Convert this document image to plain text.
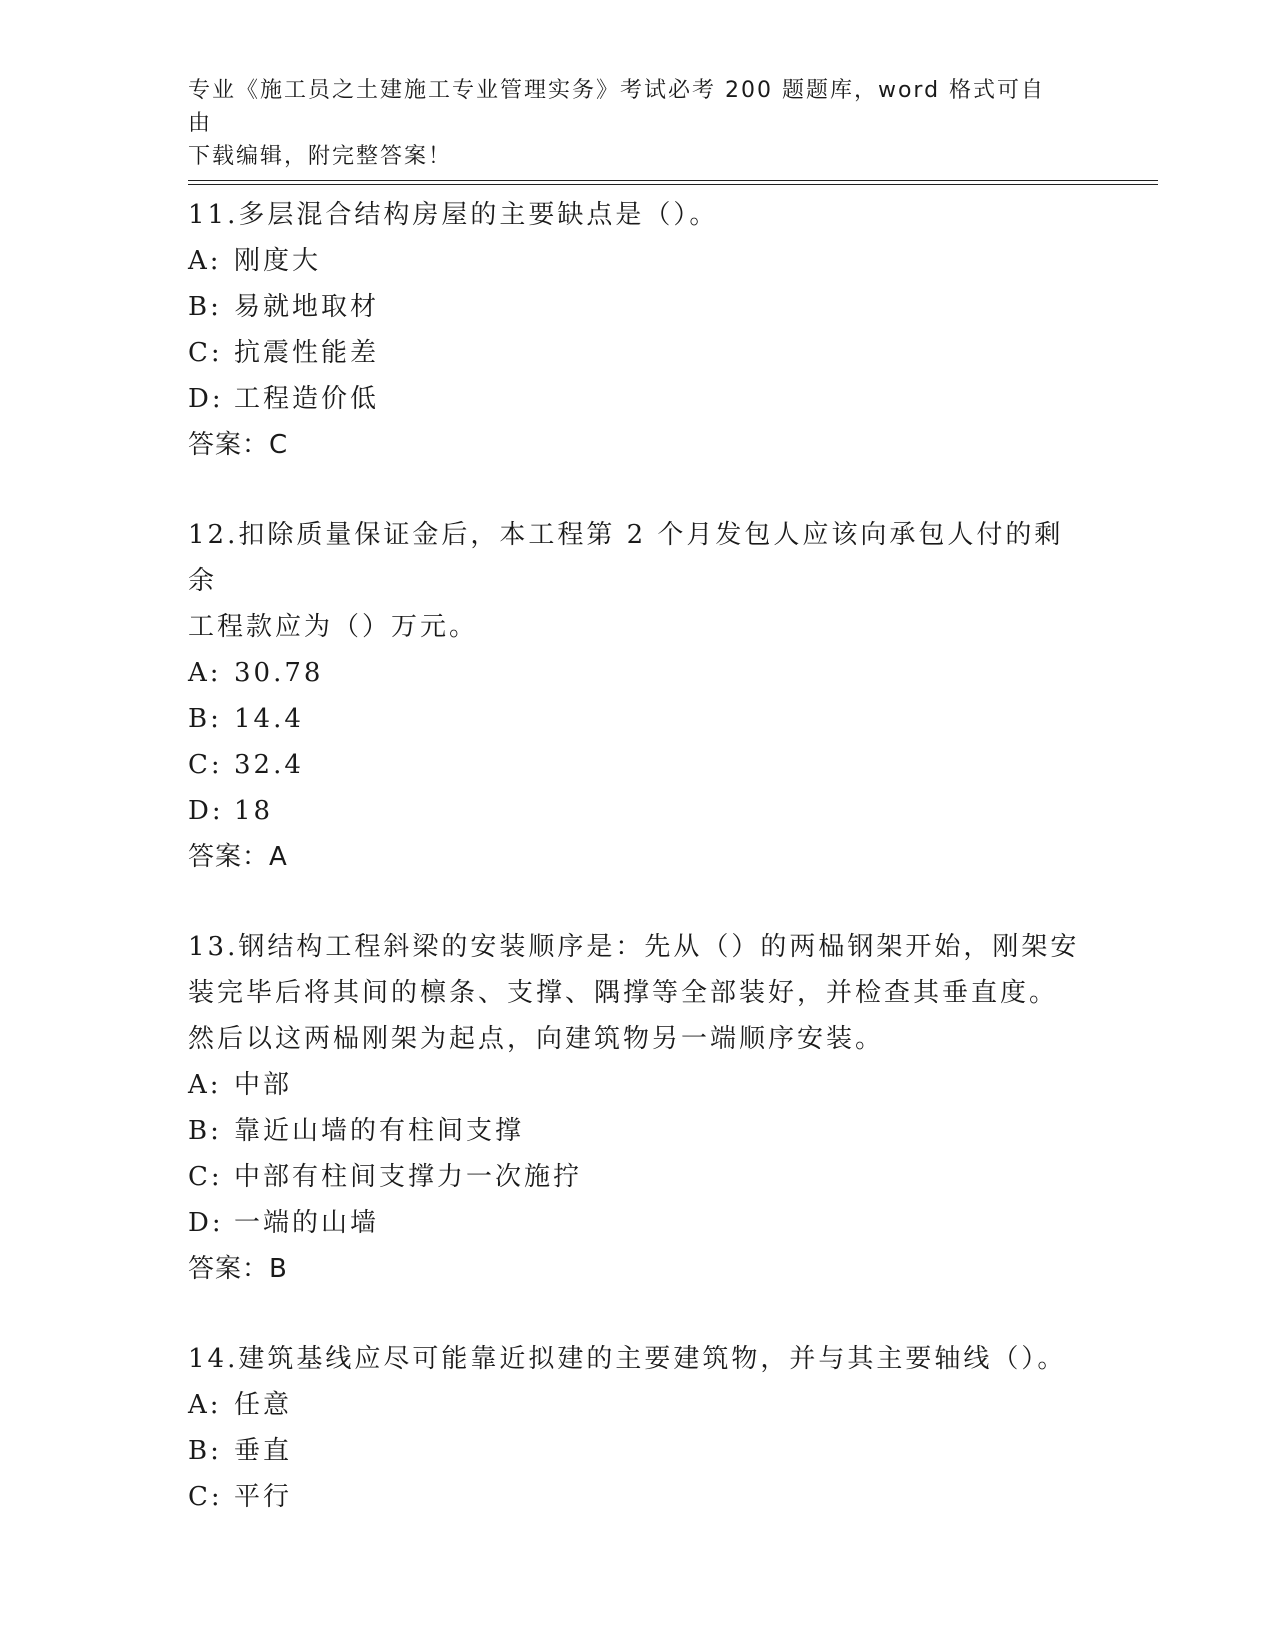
专业《施工员之土建施工专业管理实务》考试必考 200 题题库，word 格式可自由
下载编辑，附完整答案！

11.多层混合结构房屋的主要缺点是（）。

A: 刚度大

B: 易就地取材

C: 抗震性能差

D: 工程造价低

答案：C

12.扣除质量保证金后，本工程第 2 个月发包人应该向承包人付的剩余

工程款应为（）万元。

A: 30.78

B: 14.4

C: 32.4

D: 18

答案：A

13.钢结构工程斜梁的安装顺序是：先从（）的两榀钢架开始，刚架安

装完毕后将其间的檩条、支撑、隅撑等全部装好，并检查其垂直度。

然后以这两榀刚架为起点，向建筑物另一端顺序安装。

A: 中部

B: 靠近山墙的有柱间支撑

C: 中部有柱间支撑力一次施拧

D: 一端的山墙

答案：B

14.建筑基线应尽可能靠近拟建的主要建筑物，并与其主要轴线（）。

A: 任意

B: 垂直

C: 平行
